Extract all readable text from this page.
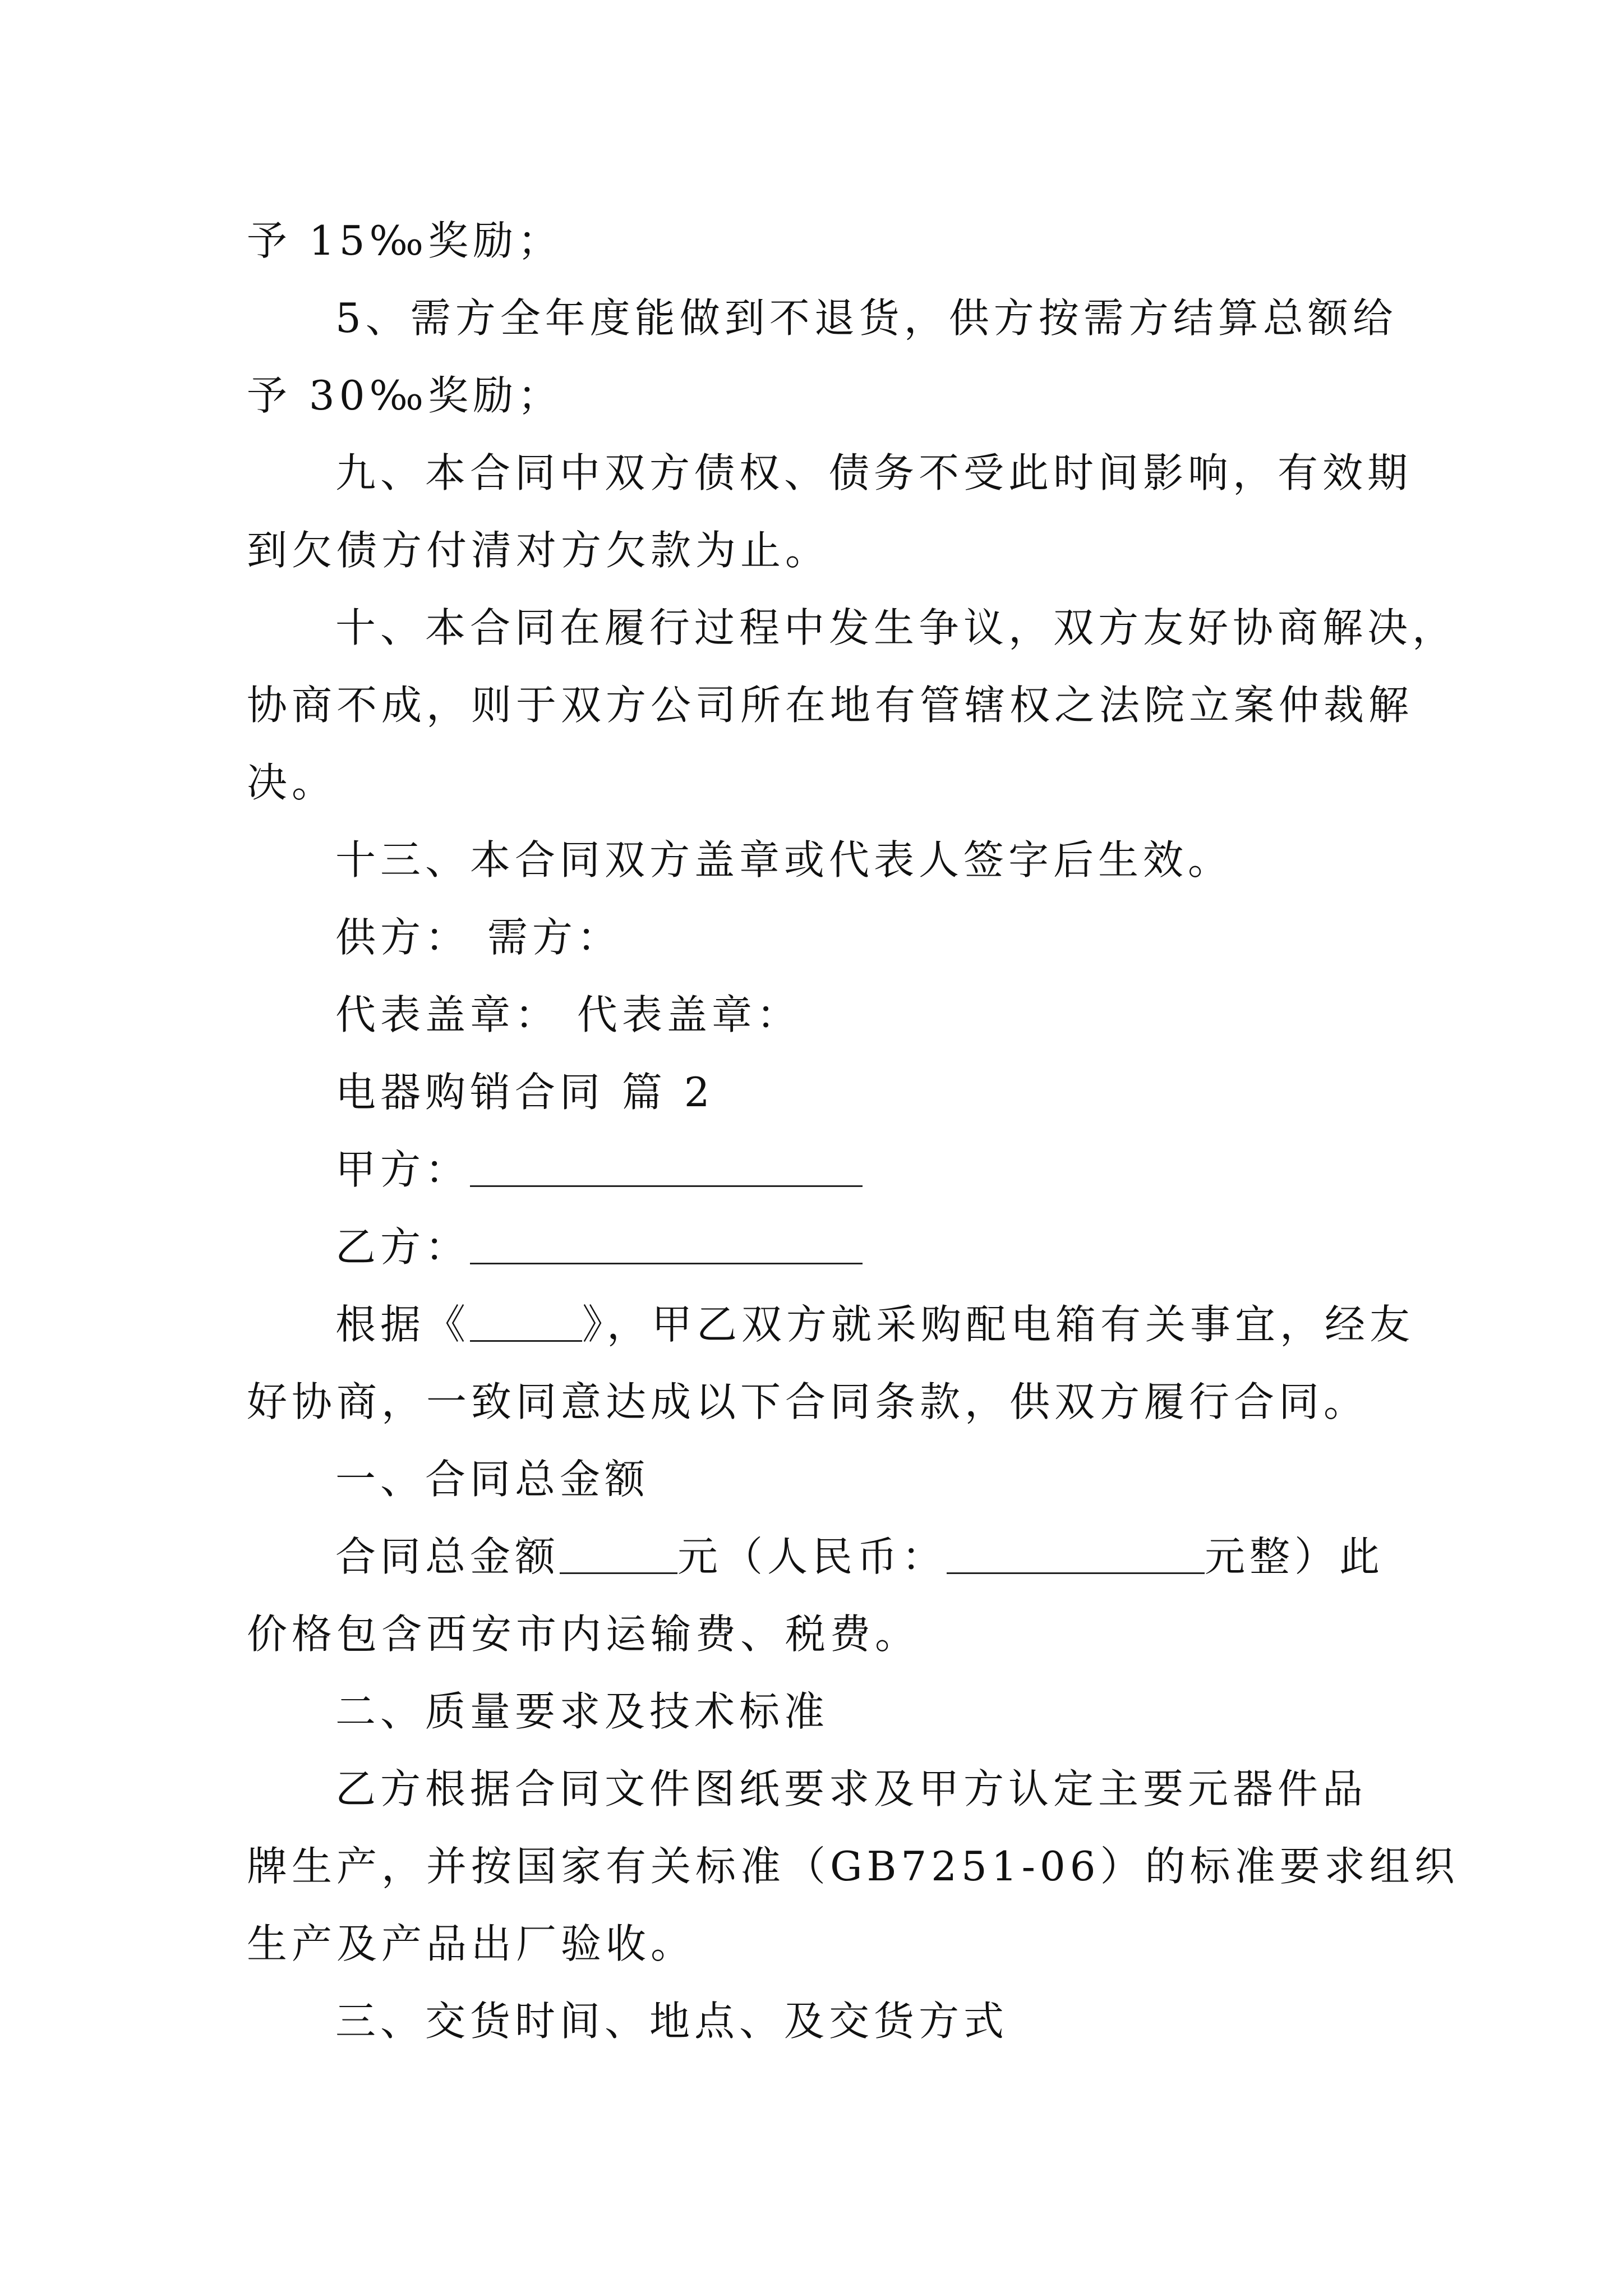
予 15‰奖励；
5、需方全年度能做到不退货，供方按需方结算总额给
予 30‰奖励；
九、本合同中双方债权、债务不受此时间影响，有效期
到欠债方付清对方欠款为止。
十、本合同在履行过程中发生争议，双方友好协商解决，
协商不成，则于双方公司所在地有管辖权之法院立案仲裁解
决。
十三、本合同双方盖章或代表人签字后生效。
供方： 需方：
代表盖章： 代表盖章：
电器购销合同 篇 2
甲方：
乙方：
根据《	》，甲乙双方就采购配电箱有关事宜，经友
好协商，一致同意达成以下合同条款，供双方履行合同。
一、合同总金额
合同总金额	元（人民币：	元整）此
价格包含西安市内运输费、税费。
二、质量要求及技术标准
乙方根据合同文件图纸要求及甲方认定主要元器件品
牌生产，并按国家有关标准（GB7251-06）的标准要求组织
生产及产品出厂验收。
三、交货时间、地点、及交货方式
